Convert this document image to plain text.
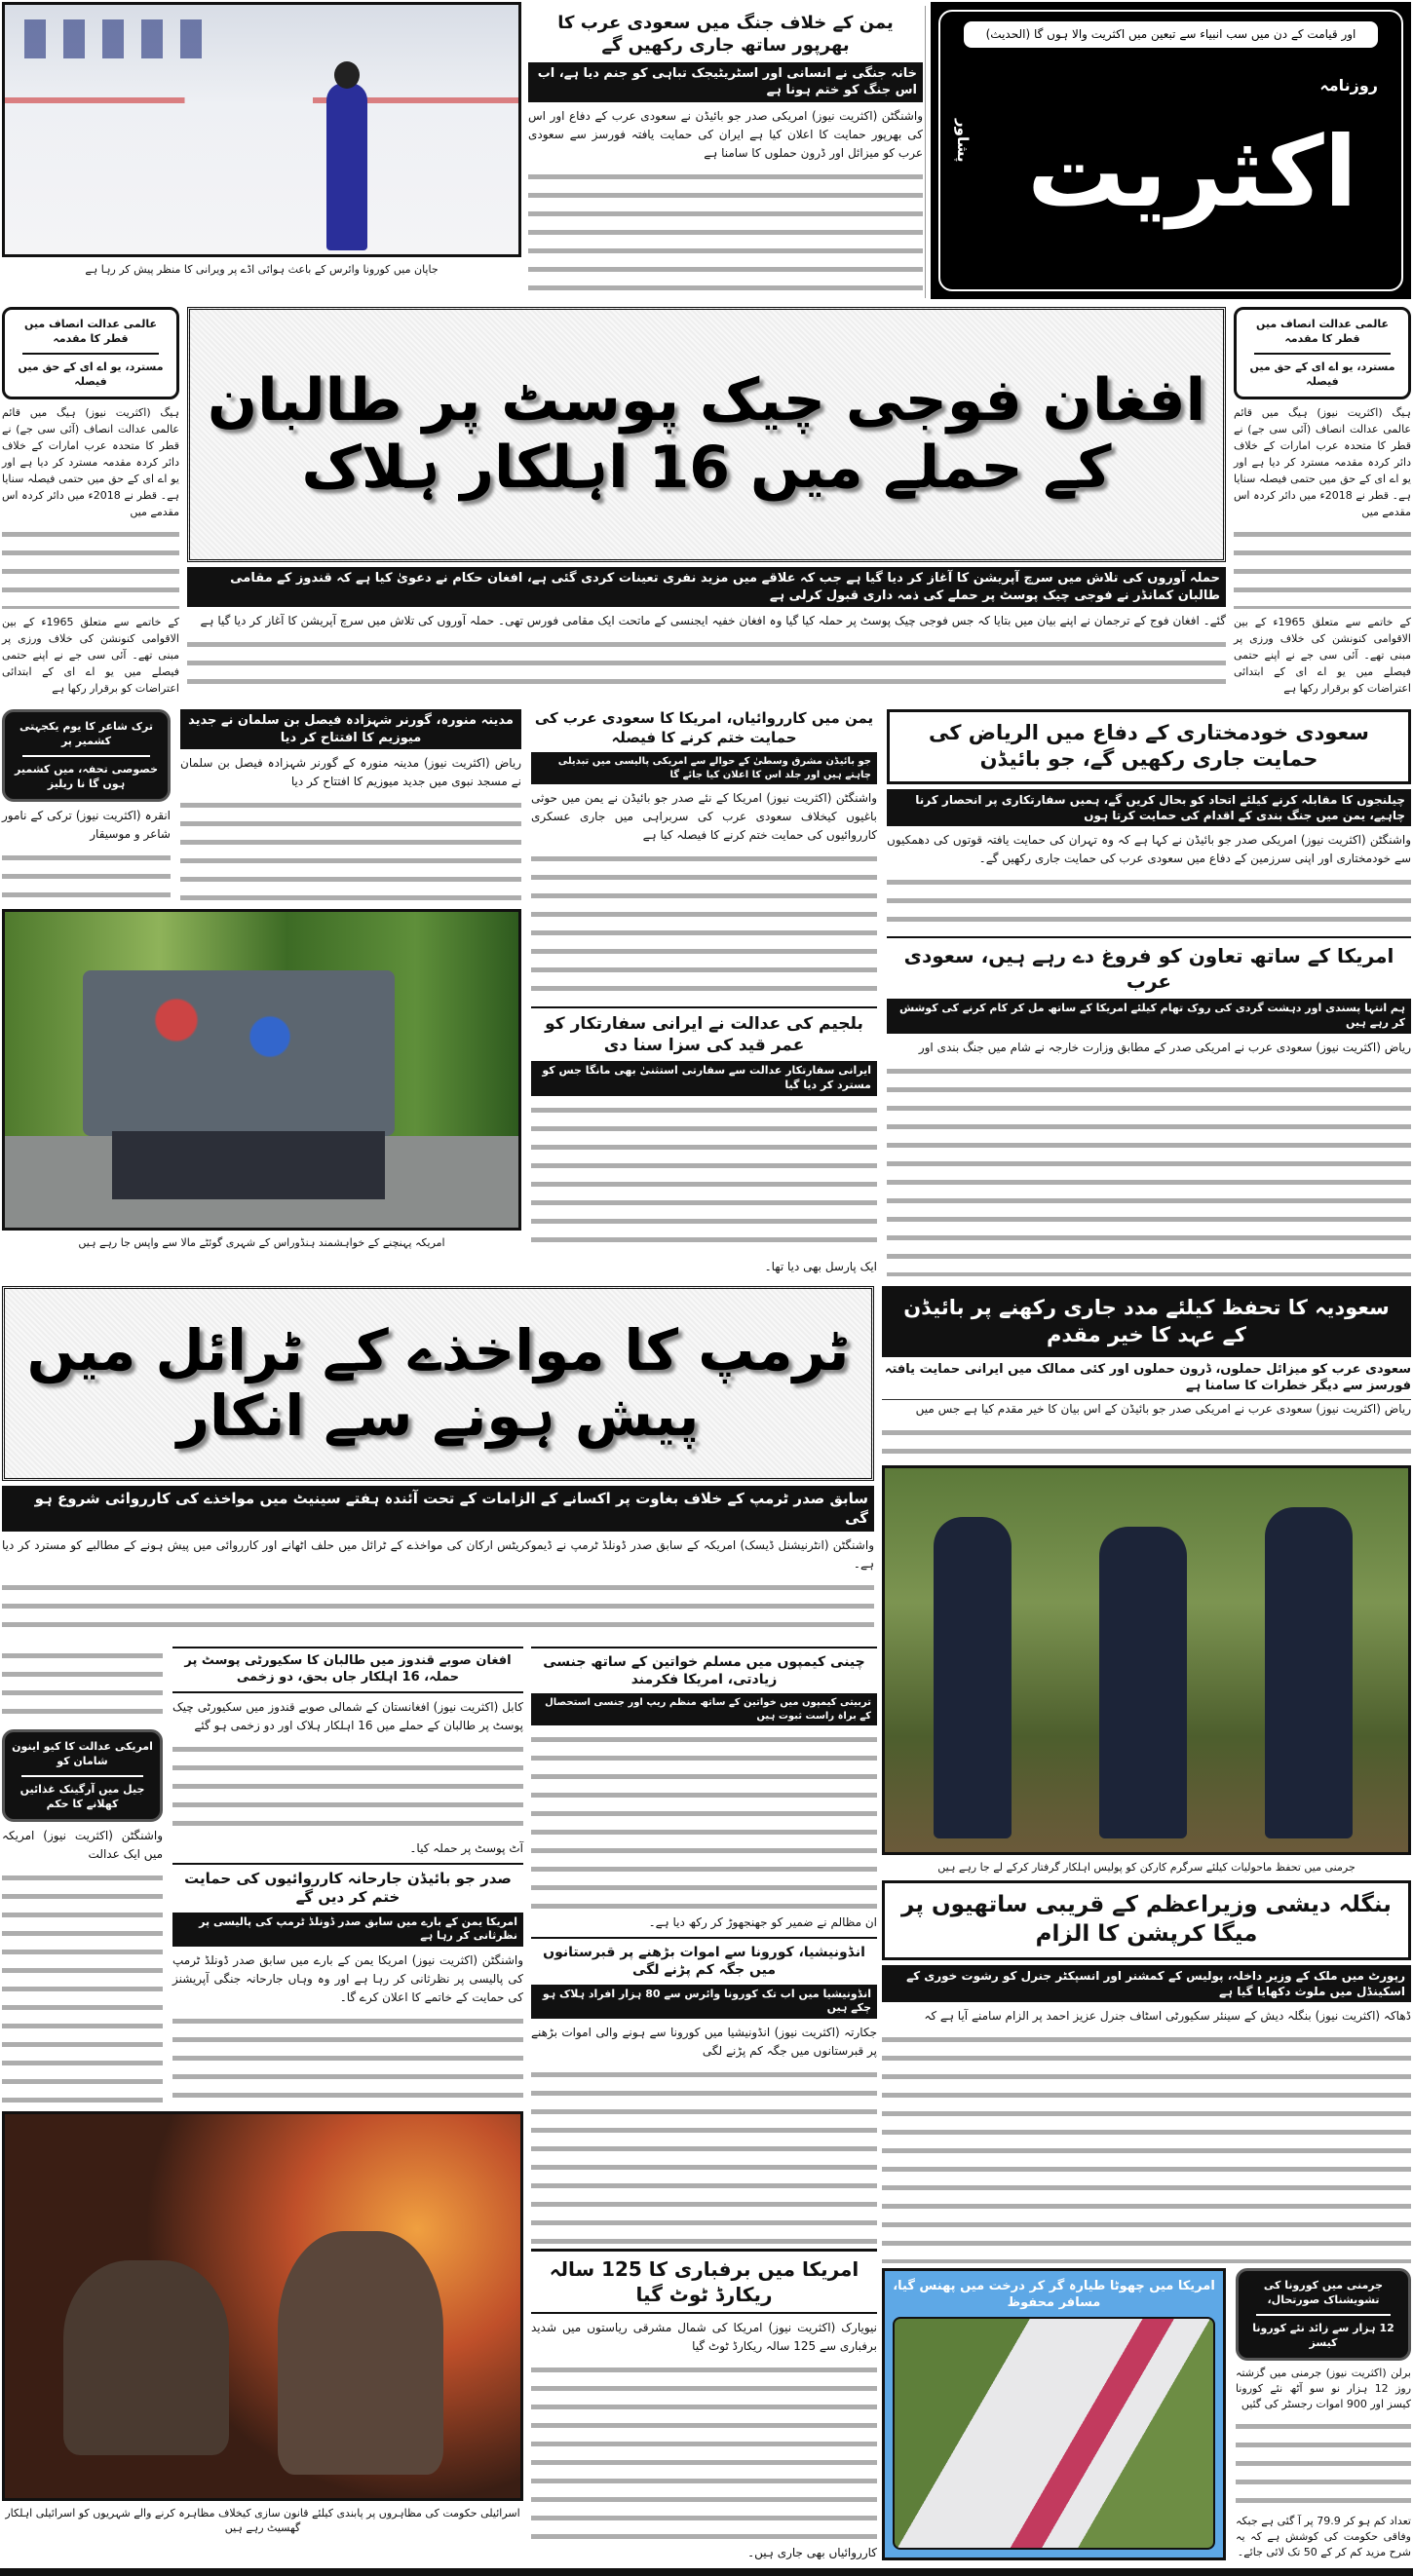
جاپان میں کورونا وائرس کے باعث ہوائی اڈے پر ویرانی کا منظر پیش کر رہا ہے
یمن کے خلاف جنگ میں سعودی عرب کا بھرپور ساتھ جاری رکھیں گے
خانہ جنگی نے انسانی اور اسٹریٹیجک تباہی کو جنم دیا ہے، اب اس جنگ کو ختم ہونا ہے
واشنگٹن (اکثریت نیوز) امریکی صدر جو بائیڈن نے سعودی عرب کے دفاع اور اس کی بھرپور حمایت کا اعلان کیا ہے ایران کی حمایت یافتہ فورسز سے سعودی عرب کو میزائل اور ڈرون حملوں کا سامنا ہے
اور قیامت کے دن میں سب انبیاء سے تبعین میں اکثریت والا ہوں گا (الحدیث)
روزنامہ
اکثریت
پشاور
عالمی عدالت انصاف میں قطر کا مقدمہ
مسترد، یو اے ای کے حق میں فیصلہ
ہیگ (اکثریت نیوز) ہیگ میں قائم عالمی عدالت انصاف (آئی سی جے) نے قطر کا متحدہ عرب امارات کے خلاف دائر کردہ مقدمہ مسترد کر دیا ہے اور یو اے ای کے حق میں حتمی فیصلہ سنایا ہے۔ قطر نے 2018ء میں دائر کردہ اس مقدمے میں
کے خاتمے سے متعلق 1965ء کے بین الاقوامی کنونشن کی خلاف ورزی پر مبنی تھے۔ آئی سی جے نے اپنے حتمی فیصلے میں یو اے ای کے ابتدائی اعتراضات کو برقرار رکھا ہے
عالمی عدالت انصاف میں قطر کا مقدمہ
مسترد، یو اے ای کے حق میں فیصلہ
ہیگ (اکثریت نیوز) ہیگ میں قائم عالمی عدالت انصاف (آئی سی جے) نے قطر کا متحدہ عرب امارات کے خلاف دائر کردہ مقدمہ مسترد کر دیا ہے اور یو اے ای کے حق میں حتمی فیصلہ سنایا ہے۔ قطر نے 2018ء میں دائر کردہ اس مقدمے میں
کے خاتمے سے متعلق 1965ء کے بین الاقوامی کنونشن کی خلاف ورزی پر مبنی تھے۔ آئی سی جے نے اپنے حتمی فیصلے میں یو اے ای کے ابتدائی اعتراضات کو برقرار رکھا ہے
افغان فوجی چیک پوسٹ پر طالبان کے حملے میں 16 اہلکار ہلاک
حملہ آوروں کی تلاش میں سرچ آپریشن کا آغاز کر دیا گیا ہے جب کہ علاقے میں مزید نفری تعینات کردی گئی ہے، افغان حکام نے دعویٰ کیا ہے کہ قندوز کے مقامی طالبان کمانڈر نے فوجی چیک پوسٹ پر حملے کی ذمہ داری قبول کرلی ہے
گئے۔ افغان فوج کے ترجمان نے اپنے بیان میں بتایا کہ جس فوجی چیک پوسٹ پر حملہ کیا گیا وہ افغان خفیہ ایجنسی کے ماتحت ایک مقامی فورس تھی۔ حملہ آوروں کی تلاش میں سرچ آپریشن کا آغاز کر دیا گیا ہے
سعودی خودمختاری کے دفاع میں الریاض کی حمایت جاری رکھیں گے، جو بائیڈن
چیلنجوں کا مقابلہ کرنے کیلئے اتحاد کو بحال کریں گے، ہمیں سفارتکاری پر انحصار کرنا چاہیے، یمن میں جنگ بندی کے اقدام کی حمایت کرتا ہوں
واشنگٹن (اکثریت نیوز) امریکی صدر جو بائیڈن نے کہا ہے کہ وہ تہران کی حمایت یافتہ قوتوں کی دھمکیوں سے خودمختاری اور اپنی سرزمین کے دفاع میں سعودی عرب کی حمایت جاری رکھیں گے۔
امریکا کے ساتھ تعاون کو فروغ دے رہے ہیں، سعودی عرب
ہم انتہا پسندی اور دہشت گردی کی روک تھام کیلئے امریکا کے ساتھ مل کر کام کرنے کی کوشش کر رہے ہیں
ریاض (اکثریت نیوز) سعودی عرب نے امریکی صدر کے مطابق وزارت خارجہ نے شام میں جنگ بندی اور
یمن میں کارروائیاں، امریکا کا سعودی عرب کی حمایت ختم کرنے کا فیصلہ
جو بائیڈن مشرق وسطیٰ کے حوالے سے امریکی پالیسی میں تبدیلی چاہتے ہیں اور جلد اس کا اعلان کیا جائے گا
واشنگٹن (اکثریت نیوز) امریکا کے نئے صدر جو بائیڈن نے یمن میں حوثی باغیوں کیخلاف سعودی عرب کی سربراہی میں جاری عسکری کارروائیوں کی حمایت ختم کرنے کا فیصلہ کیا ہے
بلجیم کی عدالت نے ایرانی سفارتکار کو عمر قید کی سزا سنا دی
ایرانی سفارتکار عدالت سے سفارتی استثنیٰ بھی مانگا جس کو مسترد کر دیا گیا
ایک پارسل بھی دیا تھا۔
مدینہ منورہ، گورنر شہزادہ فیصل بن سلمان نے جدید میوزیم کا افتتاح کر دیا
ریاض (اکثریت نیوز) مدینہ منورہ کے گورنر شہزادہ فیصل بن سلمان نے مسجد نبوی میں جدید میوزیم کا افتتاح کر دیا
ترک شاعر کا یوم یکجہتی کشمیر پر
خصوصی تحفہ، میں کشمیر ہوں گا نا ریلیز
انقرہ (اکثریت نیوز) ترکی کے نامور شاعر و موسیقار
امریکہ پہنچنے کے خواہشمند ہنڈوراس کے شہری گوئٹے مالا سے واپس جا رہے ہیں
ٹرمپ کا مواخذے کے ٹرائل میں پیش ہونے سے انکار
سابق صدر ٹرمپ کے خلاف بغاوت پر اکسانے کے الزامات کے تحت آئندہ ہفتے سینیٹ میں مواخذے کی کارروائی شروع ہو گی
واشنگٹن (انٹرنیشنل ڈیسک) امریکہ کے سابق صدر ڈونلڈ ٹرمپ نے ڈیموکریٹس ارکان کی مواخذے کے ٹرائل میں حلف اٹھانے اور کارروائی میں پیش ہونے کے مطالبے کو مسترد کر دیا ہے۔
سعودیہ کا تحفظ کیلئے مدد جاری رکھنے پر بائیڈن کے عہد کا خیر مقدم
سعودی عرب کو میزائل حملوں، ڈرون حملوں اور کئی ممالک میں ایرانی حمایت یافتہ فورسز سے دیگر خطرات کا سامنا ہے
ریاض (اکثریت نیوز) سعودی عرب نے امریکی صدر جو بائیڈن کے اس بیان کا خیر مقدم کیا ہے جس میں
جرمنی میں تحفظ ماحولیات کیلئے سرگرم کارکن کو پولیس اہلکار گرفتار کرکے لے جا رہے ہیں
بنگلہ دیشی وزیراعظم کے قریبی ساتھیوں پر میگا کرپشن کا الزام
رپورٹ میں ملک کے وزیر داخلہ، پولیس کے کمشنر اور انسپکٹر جنرل کو رشوت خوری کے اسکینڈل میں ملوث دکھایا گیا ہے
ڈھاکہ (اکثریت نیوز) بنگلہ دیش کے سینئر سکیورٹی اسٹاف جنرل عزیز احمد پر الزام سامنے آیا ہے کہ
جرمنی میں کورونا کی تشویشناک صورتحال،
12 ہزار سے زائد نئے کورونا کیسز
برلن (اکثریت نیوز) جرمنی میں گزشتہ روز 12 ہزار نو سو آٹھ نئے کورونا کیسز اور 900 اموات رجسٹر کی گئیں
تعداد کم ہو کر 79.9 پر آ گئی ہے جبکہ وفاقی حکومت کی کوشش ہے کہ یہ شرح مزید کم کر کے 50 تک لائی جائے۔
امریکا میں چھوٹا طیارہ گر کر درخت میں پھنس گیا، مسافر محفوظ
افغان صوبے قندوز میں طالبان کا سکیورٹی پوسٹ پر حملہ، 16 اہلکار جاں بحق، دو زخمی
کابل (اکثریت نیوز) افغانستان کے شمالی صوبے قندوز میں سکیورٹی چیک پوسٹ پر طالبان کے حملے میں 16 اہلکار ہلاک اور دو زخمی ہو گئے
آٹ پوسٹ پر حملہ کیا۔
صدر جو بائیڈن جارحانہ کارروائیوں کی حمایت ختم کر دیں گے
امریکا یمن کے بارے میں سابق صدر ڈونلڈ ٹرمپ کی پالیسی پر نظرثانی کر رہا ہے
واشنگٹن (اکثریت نیوز) امریکا یمن کے بارے میں سابق صدر ڈونلڈ ٹرمپ کی پالیسی پر نظرثانی کر رہا ہے اور وہ وہاں جارحانہ جنگی آپریشنز کی حمایت کے خاتمے کا اعلان کرے گا۔
امریکی عدالت کا کیو اینون شامان کو
جیل میں آرگینک غذائیں کھلانے کا حکم
واشنگٹن (اکثریت نیوز) امریکہ میں ایک عدالت
اسرائیلی حکومت کی مظاہروں پر پابندی کیلئے قانون سازی کیخلاف مظاہرہ کرنے والے شہریوں کو اسرائیلی اہلکار گھسیٹ رہے ہیں
چینی کیمپوں میں مسلم خواتین کے ساتھ جنسی زیادتی، امریکا فکرمند
تربیتی کیمپوں میں خواتین کے ساتھ منظم ریپ اور جنسی استحصال کے براہ راست ثبوت ہیں
ان مظالم نے ضمیر کو جھنجھوڑ کر رکھ دیا ہے۔
انڈونیشیا، کورونا سے اموات بڑھنے پر قبرستانوں میں جگہ کم پڑنے لگی
انڈونیشیا میں اب تک کورونا وائرس سے 80 ہزار افراد ہلاک ہو چکے ہیں
جکارتہ (اکثریت نیوز) انڈونیشیا میں کورونا سے ہونے والی اموات بڑھنے پر قبرستانوں میں جگہ کم پڑنے لگی
امریکا میں برفباری کا 125 سالہ ریکارڈ ٹوٹ گیا
نیویارک (اکثریت نیوز) امریکا کی شمال مشرقی ریاستوں میں شدید برفباری سے 125 سالہ ریکارڈ ٹوٹ گیا
کارروائیاں بھی جاری ہیں۔
